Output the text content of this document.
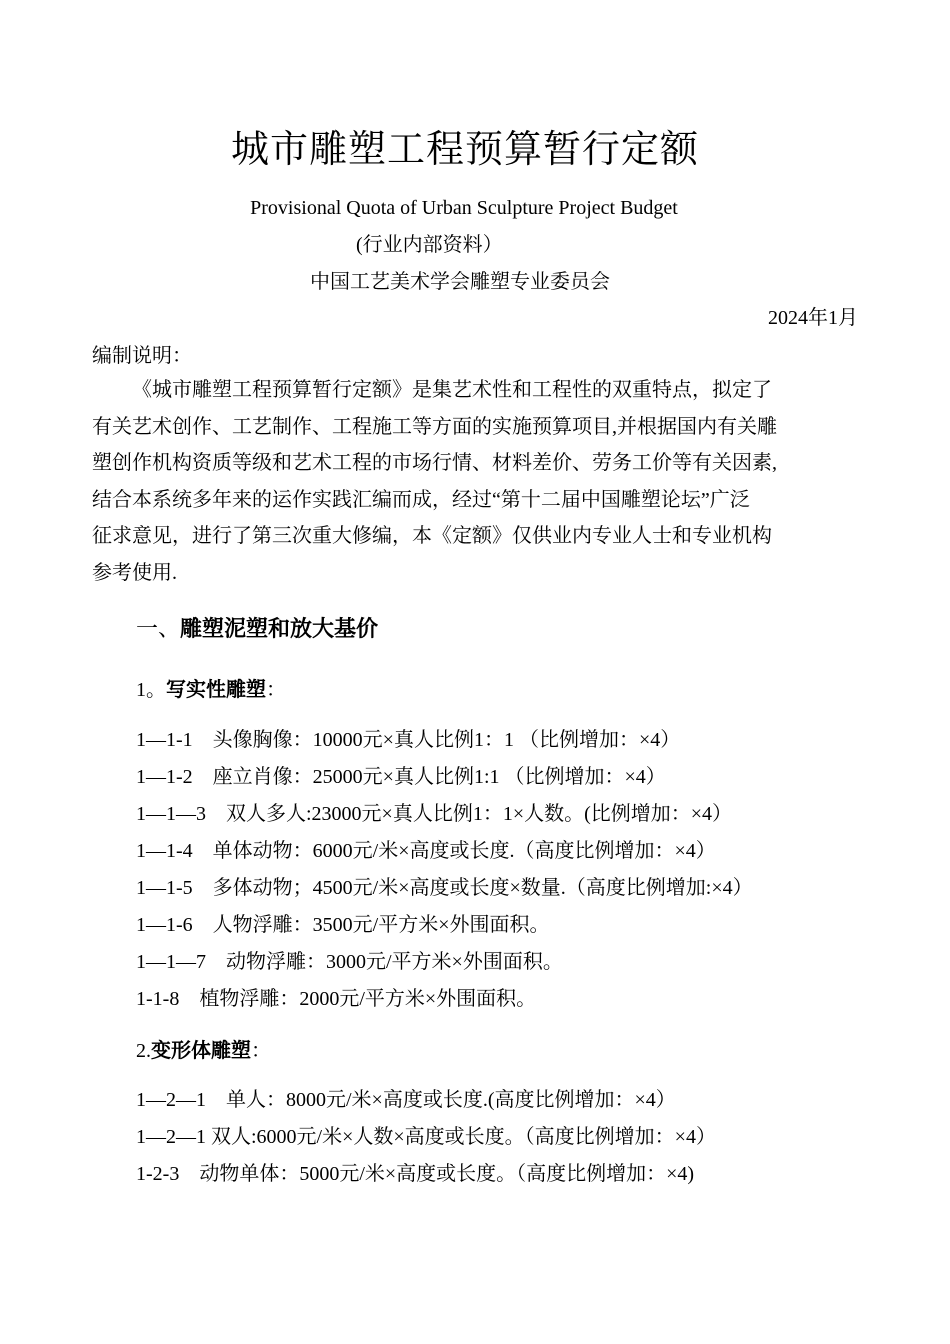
城市雕塑工程预算暂行定额
Provisional Quota of Urban Sculpture Project Budget
(行业内部资料）
中国工艺美术学会雕塑专业委员会
2024年1月
编制说明：
《城市雕塑工程预算暂行定额》是集艺术性和工程性的双重特点，拟定了
有关艺术创作、工艺制作、工程施工等方面的实施预算项目,并根据国内有关雕
塑创作机构资质等级和艺术工程的市场行情、材料差价、劳务工价等有关因素,
结合本系统多年来的运作实践汇编而成，经过“第十二届中国雕塑论坛”广泛
征求意见，进行了第三次重大修编，本《定额》仅供业内专业人士和专业机构
参考使用.
一、雕塑泥塑和放大基价
1。写实性雕塑：
1—1-1    头像胸像：10000元×真人比例1：1 （比例增加：×4）
1—1-2    座立肖像：25000元×真人比例1:1 （比例增加：×4）
1—1—3    双人多人:23000元×真人比例1：1×人数。(比例增加：×4）
1—1-4    单体动物：6000元/米×高度或长度.（高度比例增加：×4）
1—1-5    多体动物；4500元/米×高度或长度×数量.（高度比例增加:×4）
1—1-6    人物浮雕：3500元/平方米×外围面积。
1—1—7    动物浮雕：3000元/平方米×外围面积。
1-1-8    植物浮雕：2000元/平方米×外围面积。
2.变形体雕塑：
1—2—1    单人：8000元/米×高度或长度.(高度比例增加：×4）
1—2—1 双人:6000元/米×人数×高度或长度。（高度比例增加：×4）
1-2-3    动物单体：5000元/米×高度或长度。（高度比例增加：×4)
